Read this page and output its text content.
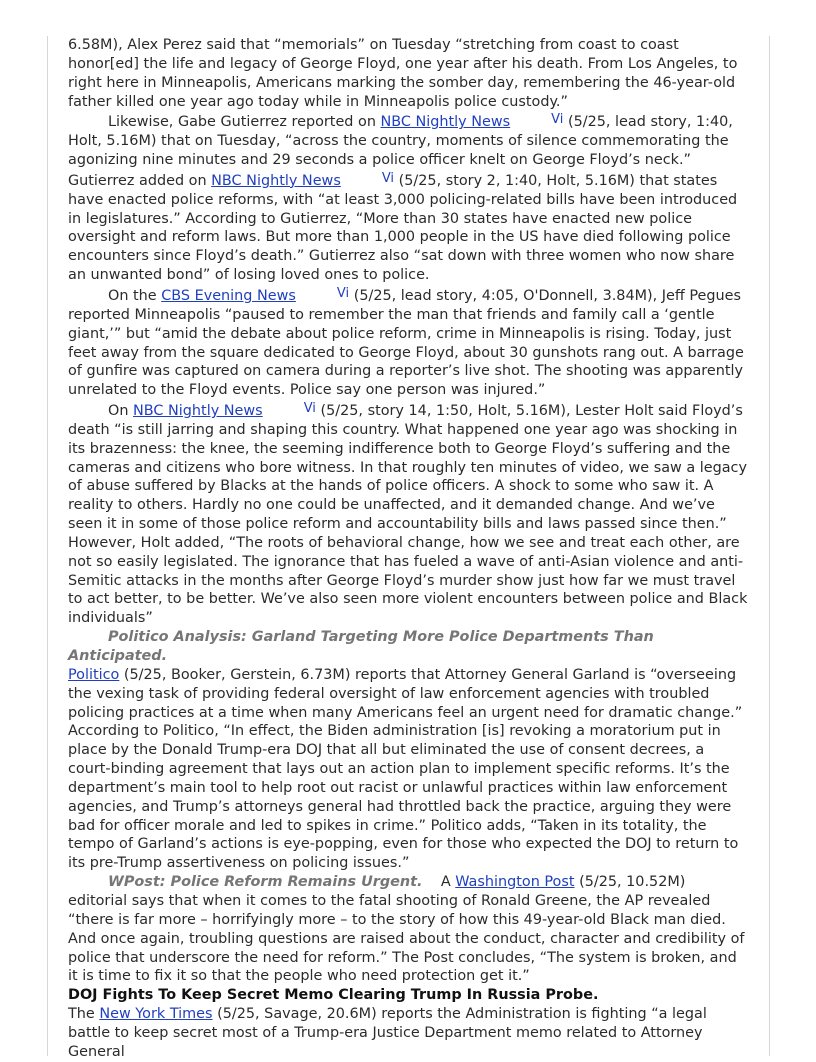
6.58M), Alex Perez said that “memorials” on Tuesday “stretching from coast to coast honor[ed] the life and legacy of George Floyd, one year after his death. From Los Angeles, to right here in Minneapolis, Americans marking the somber day, remembering the 46-year-old father killed one year ago today while in Minneapolis police custody.”

Likewise, Gabe Gutierrez reported on NBC Nightly News Vi	(5/25, lead story, 1:40, Holt, 5.16M) that on Tuesday, “across the country, moments of silence commemorating the agonizing nine minutes and 29 seconds a police officer knelt on George Floyd’s neck.” Gutierrez added on NBC Nightly News Vi	(5/25, story 2, 1:40, Holt, 5.16M) that states have enacted police reforms, with “at least 3,000 policing-related bills have been introduced in legislatures.” According to Gutierrez, “More than 30 states have enacted new police oversight and reform laws. But more than 1,000 people in the US have died following police encounters since Floyd’s death.” Gutierrez also “sat down with three women who now share an unwanted bond” of losing loved ones to police.

On the CBS Evening News Vi	(5/25, lead story, 4:05, O'Donnell, 3.84M), Jeff Pegues reported Minneapolis “paused to remember the man that friends and family call a ‘gentle giant,’” but “amid the debate about police reform, crime in Minneapolis is rising. Today, just feet away from the square dedicated to George Floyd, about 30 gunshots rang out. A barrage of gunfire was captured on camera during a reporter’s live shot. The shooting was apparently unrelated to the Floyd events. Police say one person was injured.”

On NBC Nightly News Vi	(5/25, story 14, 1:50, Holt, 5.16M), Lester Holt said Floyd’s death “is still jarring and shaping this country. What happened one year ago was shocking in its brazenness: the knee, the seeming indifference both to George Floyd’s suffering and the cameras and citizens who bore witness. In that roughly ten minutes of video, we saw a legacy of abuse suffered by Blacks at the hands of police officers. A shock to some who saw it. A reality to others. Hardly no one could be unaffected, and it demanded change. And we’ve seen it in some of those police reform and accountability bills and laws passed since then.” However, Holt added, “The roots of behavioral change, how we see and treat each other, are not so easily legislated. The ignorance that has fueled a wave of anti-Asian violence and anti-Semitic attacks in the months after George Floyd’s murder show just how far we must travel to act better, to be better. We’ve also seen more violent encounters between police and Black individuals”

Politico Analysis: Garland Targeting More Police Departments Than Anticipated.
Politico (5/25, Booker, Gerstein, 6.73M) reports that Attorney General Garland is “overseeing the vexing task of providing federal oversight of law enforcement agencies with troubled policing practices at a time when many Americans feel an urgent need for dramatic change.” According to Politico, “In effect, the Biden administration [is] revoking a moratorium put in place by the Donald Trump-era DOJ that all but eliminated the use of consent decrees, a court-binding agreement that lays out an action plan to implement specific reforms. It’s the department’s main tool to help root out racist or unlawful practices within law enforcement agencies, and Trump’s attorneys general had throttled back the practice, arguing they were bad for officer morale and led to spikes in crime.” Politico adds, “Taken in its totality, the tempo of Garland’s actions is eye-popping, even for those who expected the DOJ to return to its pre-Trump assertiveness on policing issues.”

WPost: Police Reform Remains Urgent. A Washington Post (5/25, 10.52M) editorial says that when it comes to the fatal shooting of Ronald Greene, the AP revealed “there is far more – horrifyingly more – to the story of how this 49-year-old Black man died. And once again, troubling questions are raised about the conduct, character and credibility of police that underscore the need for reform.” The Post concludes, “The system is broken, and it is time to fix it so that the people who need protection get it.”

DOJ Fights To Keep Secret Memo Clearing Trump In Russia Probe.

The New York Times (5/25, Savage, 20.6M) reports the Administration is fighting “a legal battle to keep secret most of a Trump-era Justice Department memo related to Attorney General
